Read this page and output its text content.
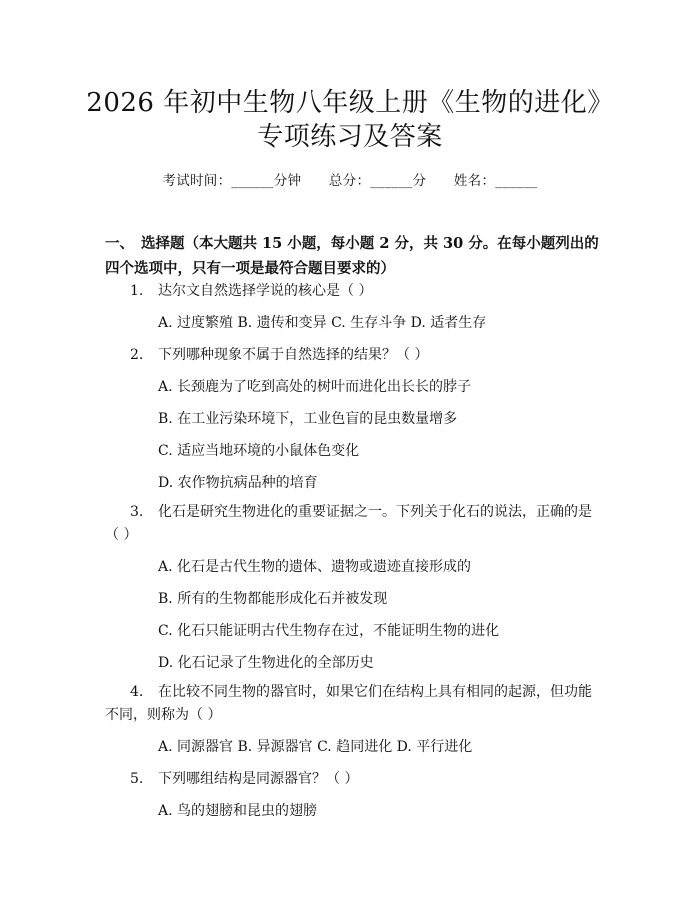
2026 年初中生物八年级上册《生物的进化》
专项练习及答案
考试时间：______分钟      总分：______分      姓名：______
一、 选择题（本大题共 15 小题，每小题 2 分，共 30 分。在每小题列出的四个选项中，只有一项是最符合题目要求的）
1. 达尔文自然选择学说的核心是（ ）
A. 过度繁殖 B. 遗传和变异 C. 生存斗争 D. 适者生存
2. 下列哪种现象不属于自然选择的结果？（ ）
A. 长颈鹿为了吃到高处的树叶而进化出长长的脖子
B. 在工业污染环境下，工业色盲的昆虫数量增多
C. 适应当地环境的小鼠体色变化
D. 农作物抗病品种的培育
3. 化石是研究生物进化的重要证据之一。下列关于化石的说法，正确的是（ ）
A. 化石是古代生物的遗体、遗物或遗迹直接形成的
B. 所有的生物都能形成化石并被发现
C. 化石只能证明古代生物存在过，不能证明生物的进化
D. 化石记录了生物进化的全部历史
4. 在比较不同生物的器官时，如果它们在结构上具有相同的起源，但功能不同，则称为（ ）
A. 同源器官 B. 异源器官 C. 趋同进化 D. 平行进化
5. 下列哪组结构是同源器官？（ ）
A. 鸟的翅膀和昆虫的翅膀
